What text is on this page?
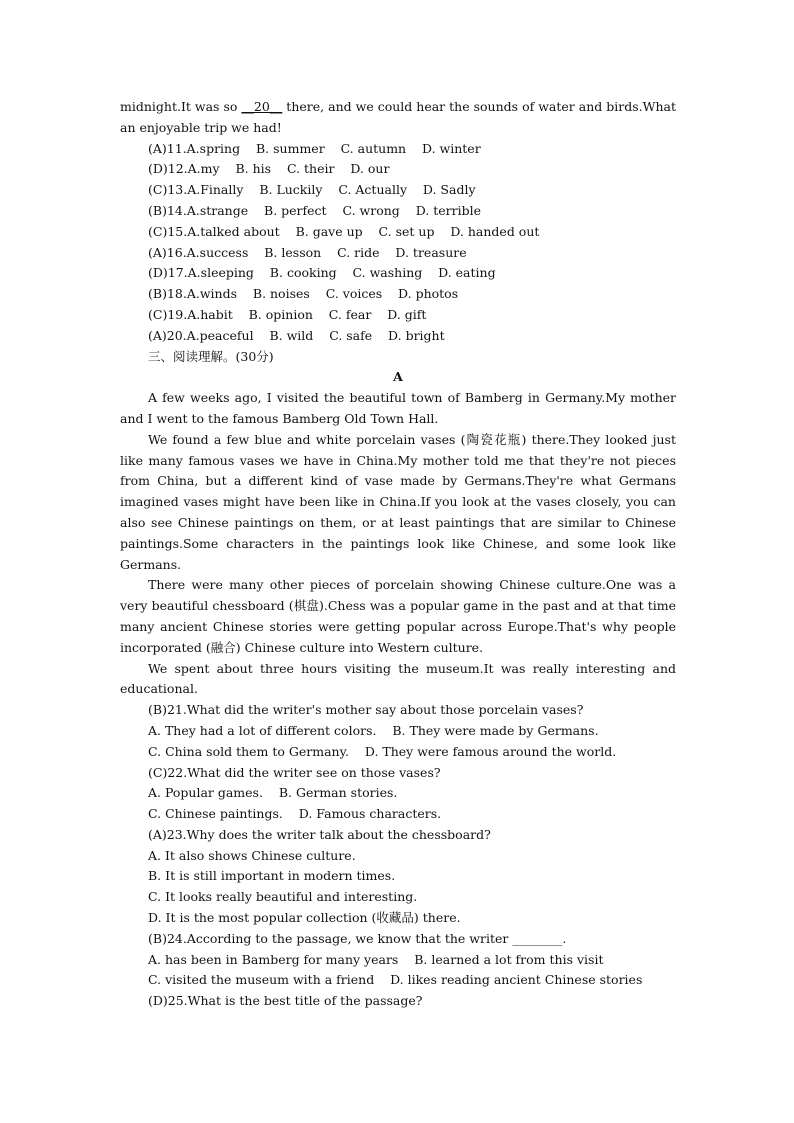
midnight.It was so __20__ there, and we could hear the sounds of water and birds.What an enjoyable trip we had!
(A)11.A.spring    B. summer    C. autumn    D. winter
(D)12.A.my    B. his    C. their    D. our
(C)13.A.Finally    B. Luckily    C. Actually    D. Sadly
(B)14.A.strange    B. perfect    C. wrong    D. terrible
(C)15.A.talked about    B. gave up    C. set up    D. handed out
(A)16.A.success    B. lesson    C. ride    D. treasure
(D)17.A.sleeping    B. cooking    C. washing    D. eating
(B)18.A.winds    B. noises    C. voices    D. photos
(C)19.A.habit    B. opinion    C. fear    D. gift
(A)20.A.peaceful    B. wild    C. safe    D. bright
三、阅读理解。(30分)
A
A few weeks ago, I visited the beautiful town of Bamberg in Germany.My mother and I went to the famous Bamberg Old Town Hall.
We found a few blue and white porcelain vases (陶瓷花瓶) there.They looked just like many famous vases we have in China.My mother told me that they're not pieces from China, but a different kind of vase made by Germans.They're what Germans imagined vases might have been like in China.If you look at the vases closely, you can also see Chinese paintings on them, or at least paintings that are similar to Chinese paintings.Some characters in the paintings look like Chinese, and some look like Germans.
There were many other pieces of porcelain showing Chinese culture.One was a very beautiful chessboard (棋盘).Chess was a popular game in the past and at that time many ancient Chinese stories were getting popular across Europe.That's why people incorporated (融合) Chinese culture into Western culture.
We spent about three hours visiting the museum.It was really interesting and educational.
(B)21.What did the writer's mother say about those porcelain vases?
A. They had a lot of different colors.    B. They were made by Germans.
C. China sold them to Germany.    D. They were famous around the world.
(C)22.What did the writer see on those vases?
A. Popular games.    B. German stories.
C. Chinese paintings.    D. Famous characters.
(A)23.Why does the writer talk about the chessboard?
A. It also shows Chinese culture.
B. It is still important in modern times.
C. It looks really beautiful and interesting.
D. It is the most popular collection (收藏品) there.
(B)24.According to the passage, we know that the writer ________.
A. has been in Bamberg for many years    B. learned a lot from this visit
C. visited the museum with a friend    D. likes reading ancient Chinese stories
(D)25.What is the best title of the passage?
